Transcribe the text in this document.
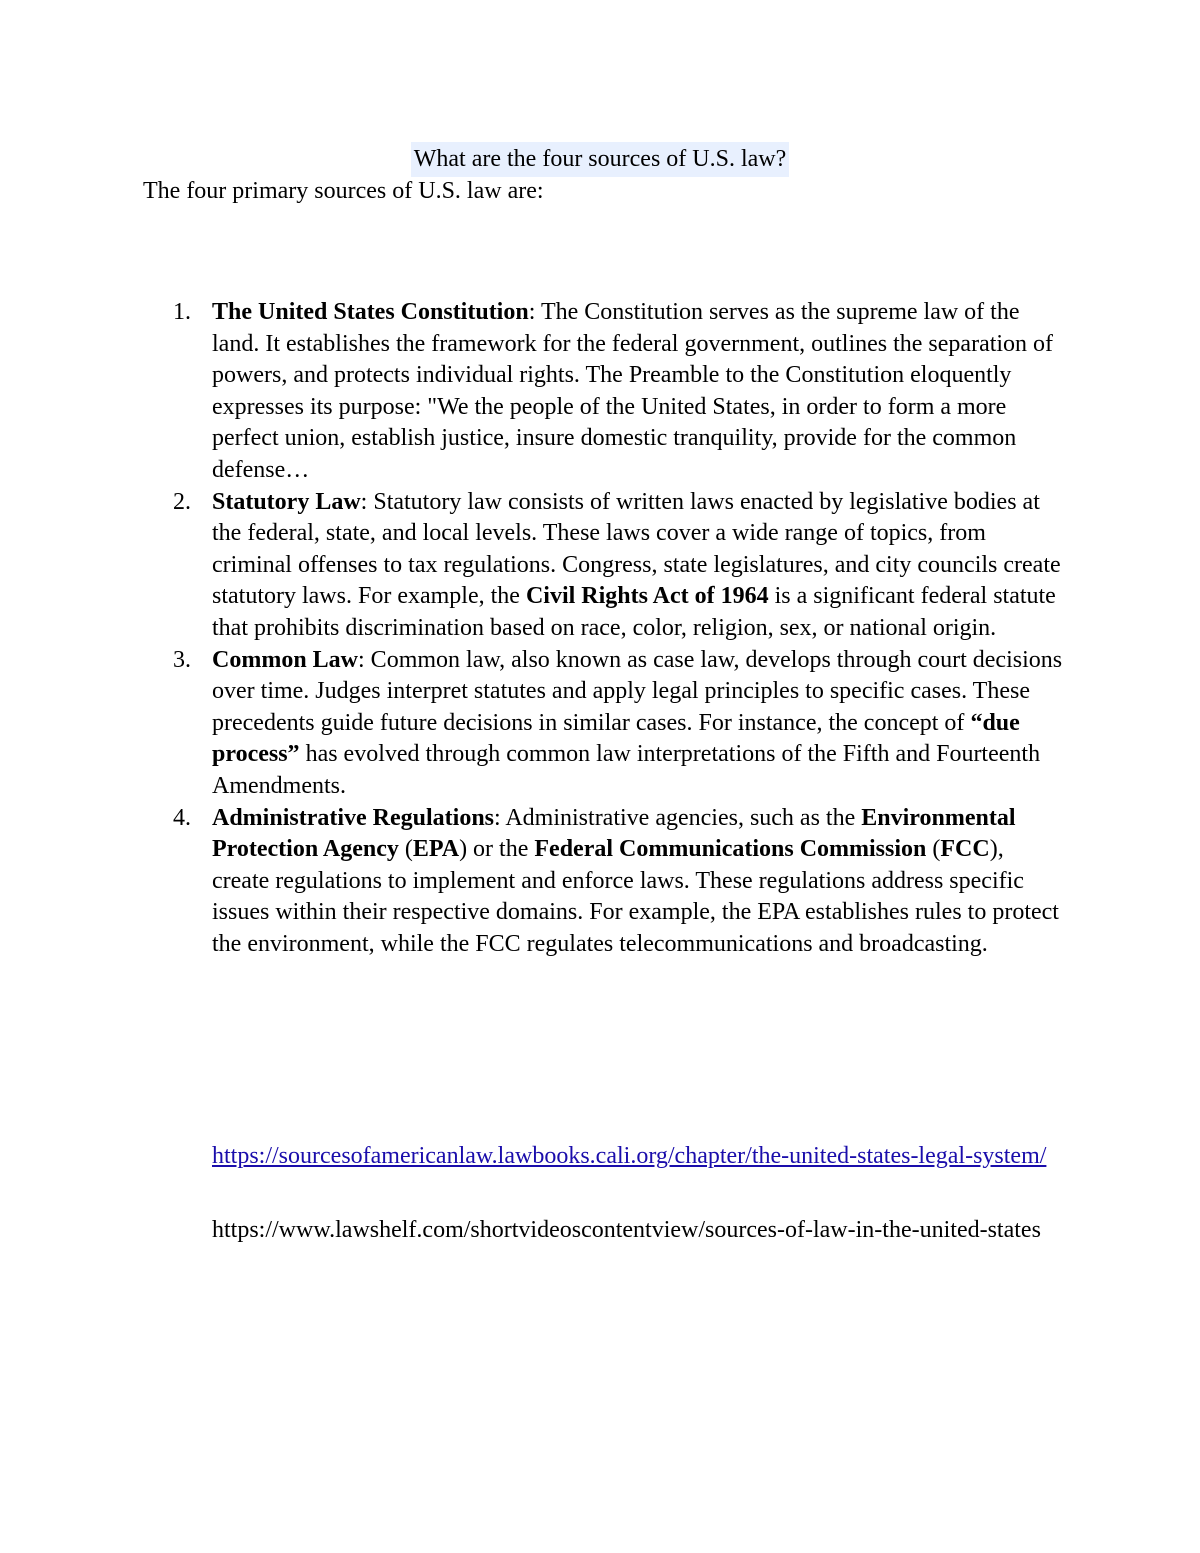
What are the four sources of U.S. law?
The four primary sources of U.S. law are:
1. The United States Constitution: The Constitution serves as the supreme law of the land. It establishes the framework for the federal government, outlines the separation of powers, and protects individual rights. The Preamble to the Constitution eloquently expresses its purpose: "We the people of the United States, in order to form a more perfect union, establish justice, insure domestic tranquility, provide for the common defense…
2. Statutory Law: Statutory law consists of written laws enacted by legislative bodies at the federal, state, and local levels. These laws cover a wide range of topics, from criminal offenses to tax regulations. Congress, state legislatures, and city councils create statutory laws. For example, the Civil Rights Act of 1964 is a significant federal statute that prohibits discrimination based on race, color, religion, sex, or national origin.
3. Common Law: Common law, also known as case law, develops through court decisions over time. Judges interpret statutes and apply legal principles to specific cases. These precedents guide future decisions in similar cases. For instance, the concept of “due process” has evolved through common law interpretations of the Fifth and Fourteenth Amendments.
4. Administrative Regulations: Administrative agencies, such as the Environmental Protection Agency (EPA) or the Federal Communications Commission (FCC), create regulations to implement and enforce laws. These regulations address specific issues within their respective domains. For example, the EPA establishes rules to protect the environment, while the FCC regulates telecommunications and broadcasting.
https://sourcesofamericanlaw.lawbooks.cali.org/chapter/the-united-states-legal-system/
https://www.lawshelf.com/shortvideoscontentview/sources-of-law-in-the-united-states
